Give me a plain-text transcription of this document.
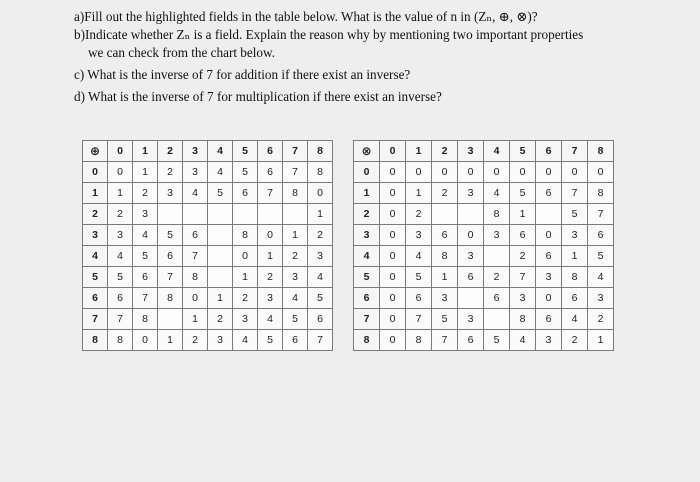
a)Fill out the highlighted fields in the table below. What is the value of n in (Zₙ, ⊕, ⊗)?

b)Indicate whether Zₙ is a field. Explain the reason why by mentioning two important properties

we can check from the chart below.

c) What is the inverse of 7 for addition if there exist an inverse?

d) What is the inverse of 7 for multiplication if there exist an inverse?

⊕	0	1	2	3	4	5	6	7	8
0	0	1	2	3	4	5	6	7	8
1	1	2	3	4	5	6	7	8	0
2	2	3							1
3	3	4	5	6		8	0	1	2
4	4	5	6	7		0	1	2	3
5	5	6	7	8		1	2	3	4
6	6	7	8	0	1	2	3	4	5
7	7	8		1	2	3	4	5	6
8	8	0	1	2	3	4	5	6	7
⊗	0	1	2	3	4	5	6	7	8
0	0	0	0	0	0	0	0	0	0
1	0	1	2	3	4	5	6	7	8
2	0	2			8	1		5	7
3	0	3	6	0	3	6	0	3	6
4	0	4	8	3		2	6	1	5
5	0	5	1	6	2	7	3	8	4
6	0	6	3		6	3	0	6	3
7	0	7	5	3		8	6	4	2
8	0	8	7	6	5	4	3	2	1
